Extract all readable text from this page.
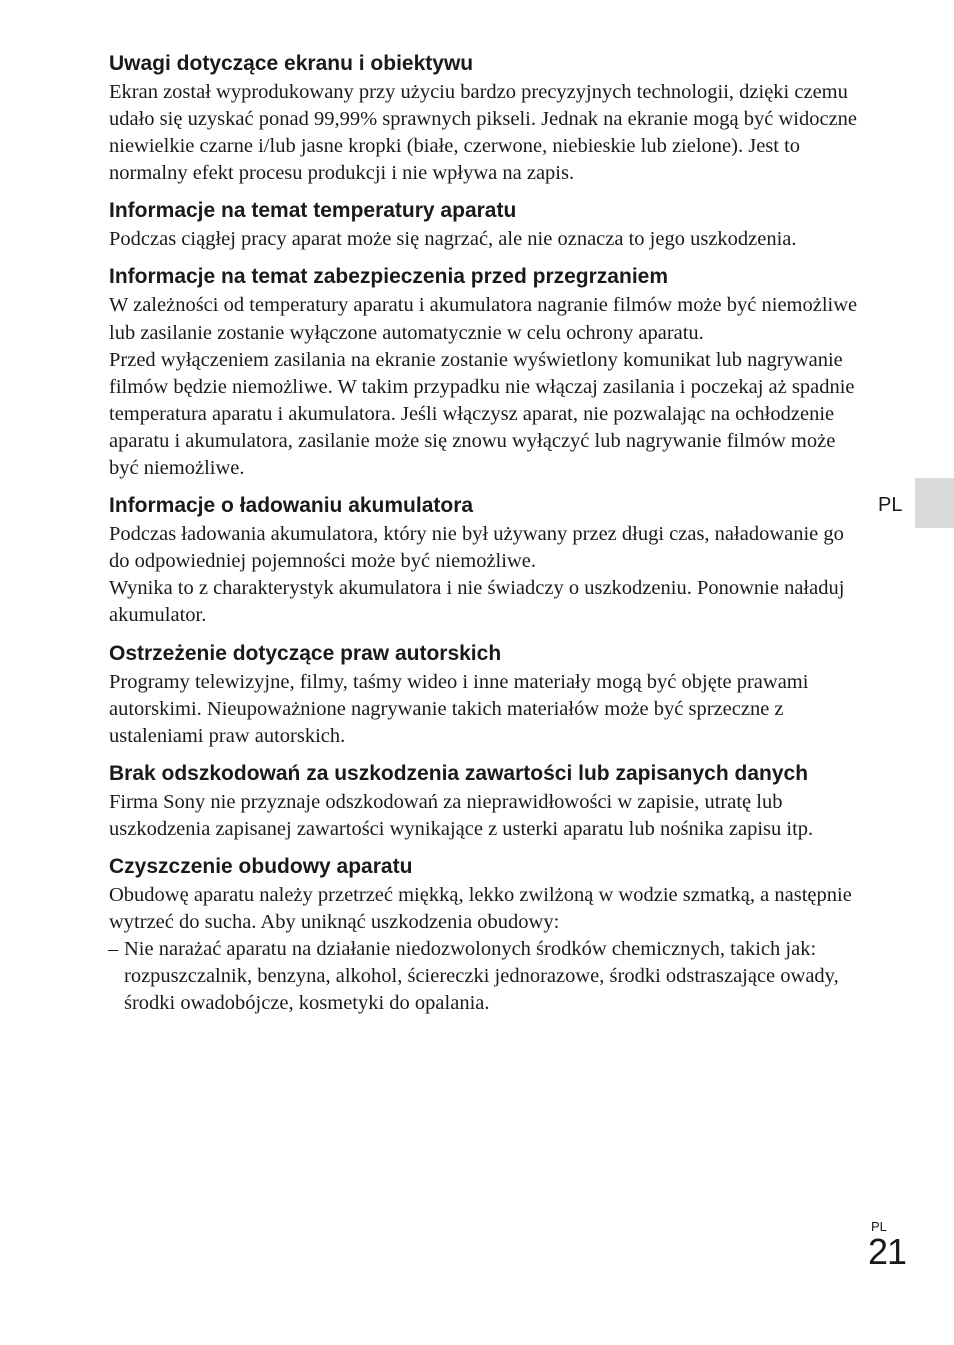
Uwagi dotyczące ekranu i obiektywu

Ekran został wyprodukowany przy użyciu bardzo precyzyjnych technologii, dzięki czemu udało się uzyskać ponad 99,99% sprawnych pikseli. Jednak na ekranie mogą być widoczne niewielkie czarne i/lub jasne kropki (białe, czerwone, niebieskie lub zielone). Jest to normalny efekt procesu produkcji i nie wpływa na zapis.

Informacje na temat temperatury aparatu

Podczas ciągłej pracy aparat może się nagrzać, ale nie oznacza to jego uszkodzenia.

Informacje na temat zabezpieczenia przed przegrzaniem

W zależności od temperatury aparatu i akumulatora nagranie filmów może być niemożliwe lub zasilanie zostanie wyłączone automatycznie w celu ochrony aparatu.

Przed wyłączeniem zasilania na ekranie zostanie wyświetlony komunikat lub nagrywanie filmów będzie niemożliwe. W takim przypadku nie włączaj zasilania i poczekaj aż spadnie temperatura aparatu i akumulatora. Jeśli włączysz aparat, nie pozwalając na ochłodzenie aparatu i akumulatora, zasilanie może się znowu wyłączyć lub nagrywanie filmów może być niemożliwe.

Informacje o ładowaniu akumulatora

Podczas ładowania akumulatora, który nie był używany przez długi czas, naładowanie go do odpowiedniej pojemności może być niemożliwe.

Wynika to z charakterystyk akumulatora i nie świadczy o uszkodzeniu. Ponownie naładuj akumulator.

Ostrzeżenie dotyczące praw autorskich

Programy telewizyjne, filmy, taśmy wideo i inne materiały mogą być objęte prawami autorskimi. Nieupoważnione nagrywanie takich materiałów może być sprzeczne z ustaleniami praw autorskich.

Brak odszkodowań za uszkodzenia zawartości lub zapisanych danych

Firma Sony nie przyznaje odszkodowań za nieprawidłowości w zapisie, utratę lub uszkodzenia zapisanej zawartości wynikające z usterki aparatu lub nośnika zapisu itp.

Czyszczenie obudowy aparatu

Obudowę aparatu należy przetrzeć miękką, lekko zwilżoną w wodzie szmatką, a następnie wytrzeć do sucha. Aby uniknąć uszkodzenia obudowy:

– Nie narażać aparatu na działanie niedozwolonych środków chemicznych, takich jak: rozpuszczalnik, benzyna, alkohol, ściereczki jednorazowe, środki odstraszające owady, środki owadobójcze, kosmetyki do opalania.
PL
PL
21
